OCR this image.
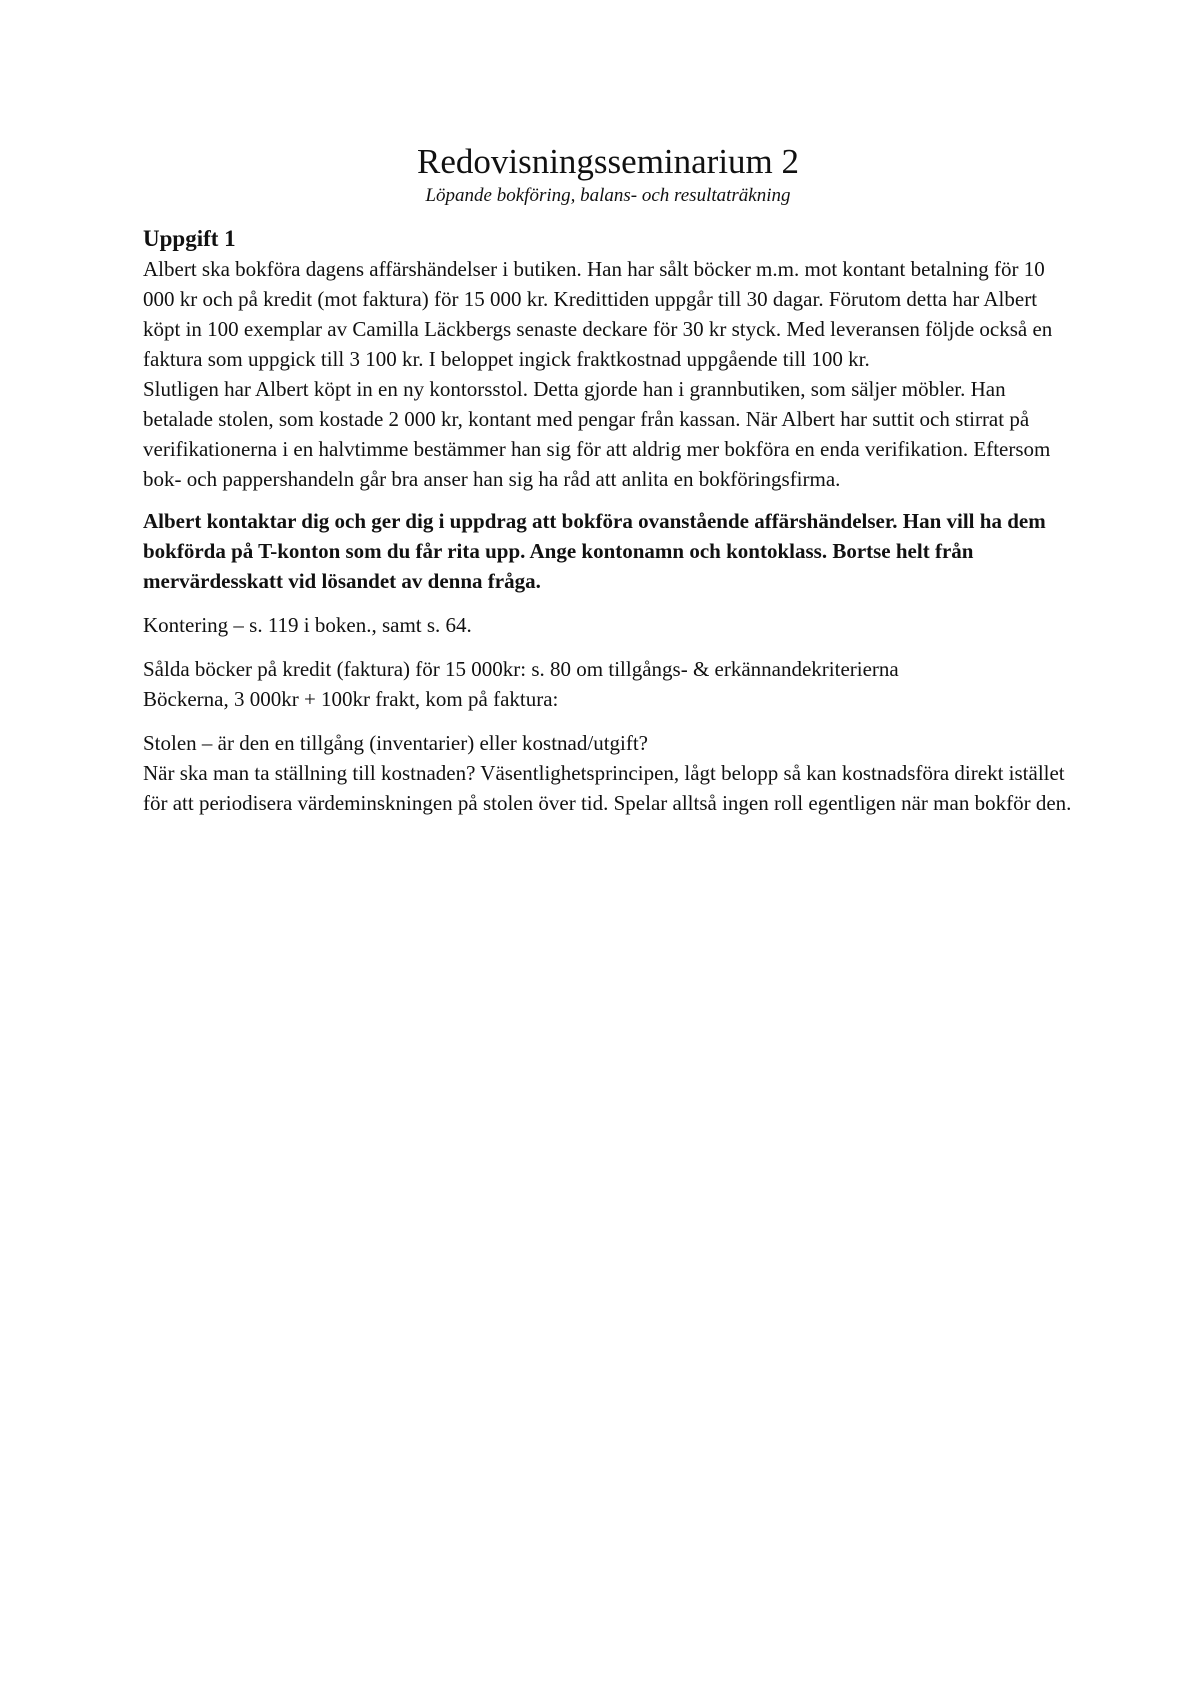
Redovisningsseminarium 2

Löpande bokföring, balans- och resultaträkning

Uppgift 1

Albert ska bokföra dagens affärshändelser i butiken. Han har sålt böcker m.m. mot kontant betalning för 10 000 kr och på kredit (mot faktura) för 15 000 kr. Kredittiden uppgår till 30 dagar. Förutom detta har Albert köpt in 100 exemplar av Camilla Läckbergs senaste deckare för 30 kr styck. Med leveransen följde också en faktura som uppgick till 3 100 kr. I beloppet ingick fraktkostnad uppgående till 100 kr.

Slutligen har Albert köpt in en ny kontorsstol. Detta gjorde han i grannbutiken, som säljer möbler. Han betalade stolen, som kostade 2 000 kr, kontant med pengar från kassan. När Albert har suttit och stirrat på verifikationerna i en halvtimme bestämmer han sig för att aldrig mer bokföra en enda verifikation. Eftersom bok- och pappershandeln går bra anser han sig ha råd att anlita en bokföringsfirma.

Albert kontaktar dig och ger dig i uppdrag att bokföra ovanstående affärshändelser. Han vill ha dem bokförda på T-konton som du får rita upp. Ange kontonamn och kontoklass. Bortse helt från mervärdesskatt vid lösandet av denna fråga.

Kontering – s. 119 i boken., samt s. 64.

Sålda böcker på kredit (faktura) för 15 000kr: s. 80 om tillgångs- & erkännandekriterierna

Böckerna, 3 000kr + 100kr frakt, kom på faktura:

Stolen – är den en tillgång (inventarier) eller kostnad/utgift?

När ska man ta ställning till kostnaden? Väsentlighetsprincipen, lågt belopp så kan kostnadsföra direkt istället för att periodisera värdeminskningen på stolen över tid. Spelar alltså ingen roll egentligen när man bokför den.
